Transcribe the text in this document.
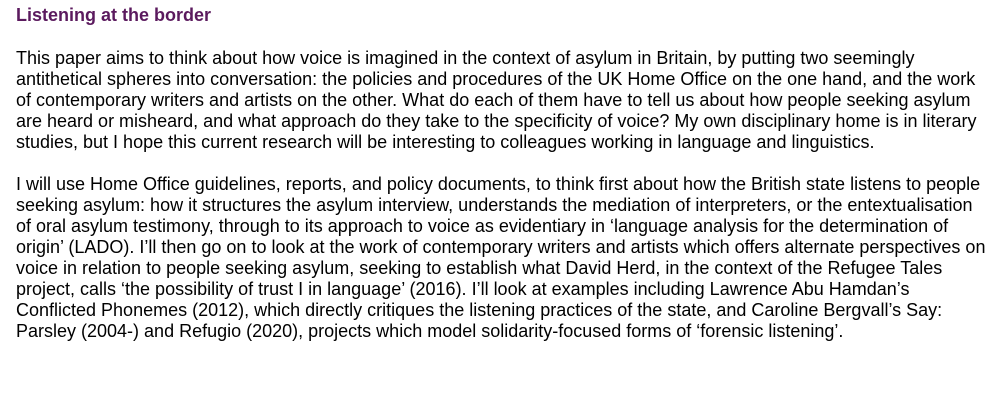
Listening at the border

This paper aims to think about how voice is imagined in the context of asylum in Britain, by putting two seemingly antithetical spheres into conversation: the policies and procedures of the UK Home Office on the one hand, and the work of contemporary writers and artists on the other. What do each of them have to tell us about how people seeking asylum are heard or misheard, and what approach do they take to the specificity of voice? My own disciplinary home is in literary studies, but I hope this current research will be interesting to colleagues working in language and linguistics.

I will use Home Office guidelines, reports, and policy documents, to think first about how the British state listens to people seeking asylum: how it structures the asylum interview, understands the mediation of interpreters, or the entextualisation of oral asylum testimony, through to its approach to voice as evidentiary in ‘language analysis for the determination of origin’ (LADO). I’ll then go on to look at the work of contemporary writers and artists which offers alternate perspectives on voice in relation to people seeking asylum, seeking to establish what David Herd, in the context of the Refugee Tales project, calls ‘the possibility of trust I in language’ (2016). I’ll look at examples including Lawrence Abu Hamdan’s Conflicted Phonemes (2012), which directly critiques the listening practices of the state, and Caroline Bergvall’s Say: Parsley (2004-) and Refugio (2020), projects which model solidarity-focused forms of ‘forensic listening’.
